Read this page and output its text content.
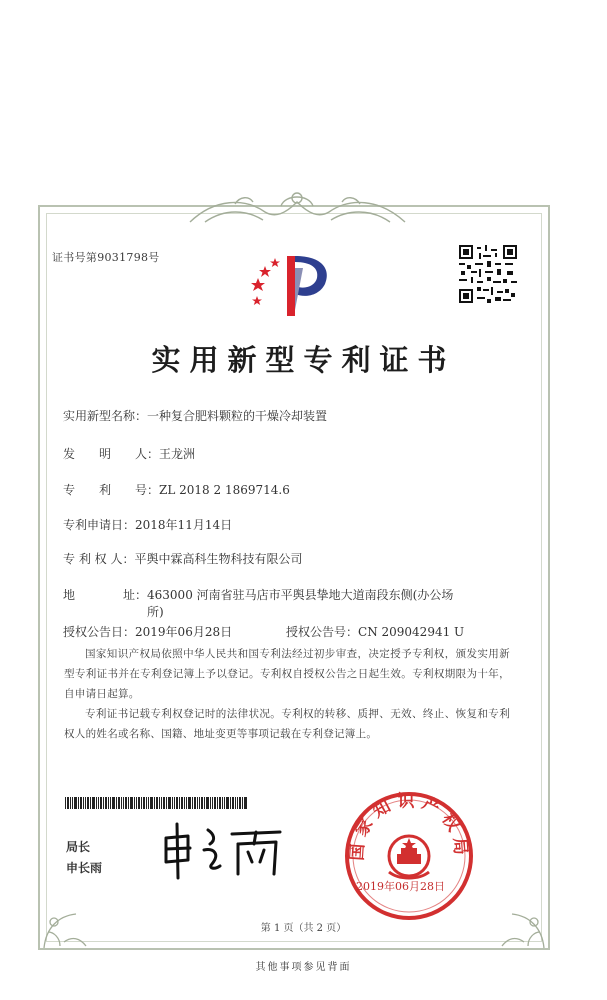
证书号第9031798号
实用新型专利证书
实用新型名称：一种复合肥料颗粒的干燥冷却装置
发　　明　　人：王龙洲
专　　利　　号：ZL 2018 2 1869714.6
专利申请日：2018年11月14日
专 利 权 人：平舆中霖高科生物科技有限公司
地　　　　址：463000 河南省驻马店市平舆县挚地大道南段东侧(办公场
所)
授权公告日：2019年06月28日	授权公告号：CN 209042941 U
国家知识产权局依照中华人民共和国专利法经过初步审查，决定授予专利权，颁发实用新型专利证书并在专利登记簿上予以登记。专利权自授权公告之日起生效。专利权期限为十年，自申请日起算。
专利证书记载专利权登记时的法律状况。专利权的转移、质押、无效、终止、恢复和专利权人的姓名或名称、国籍、地址变更等事项记载在专利登记簿上。
局长
申长雨
国家知识产权局
2019年06月28日
第 1 页（共 2 页）
其他事项参见背面
